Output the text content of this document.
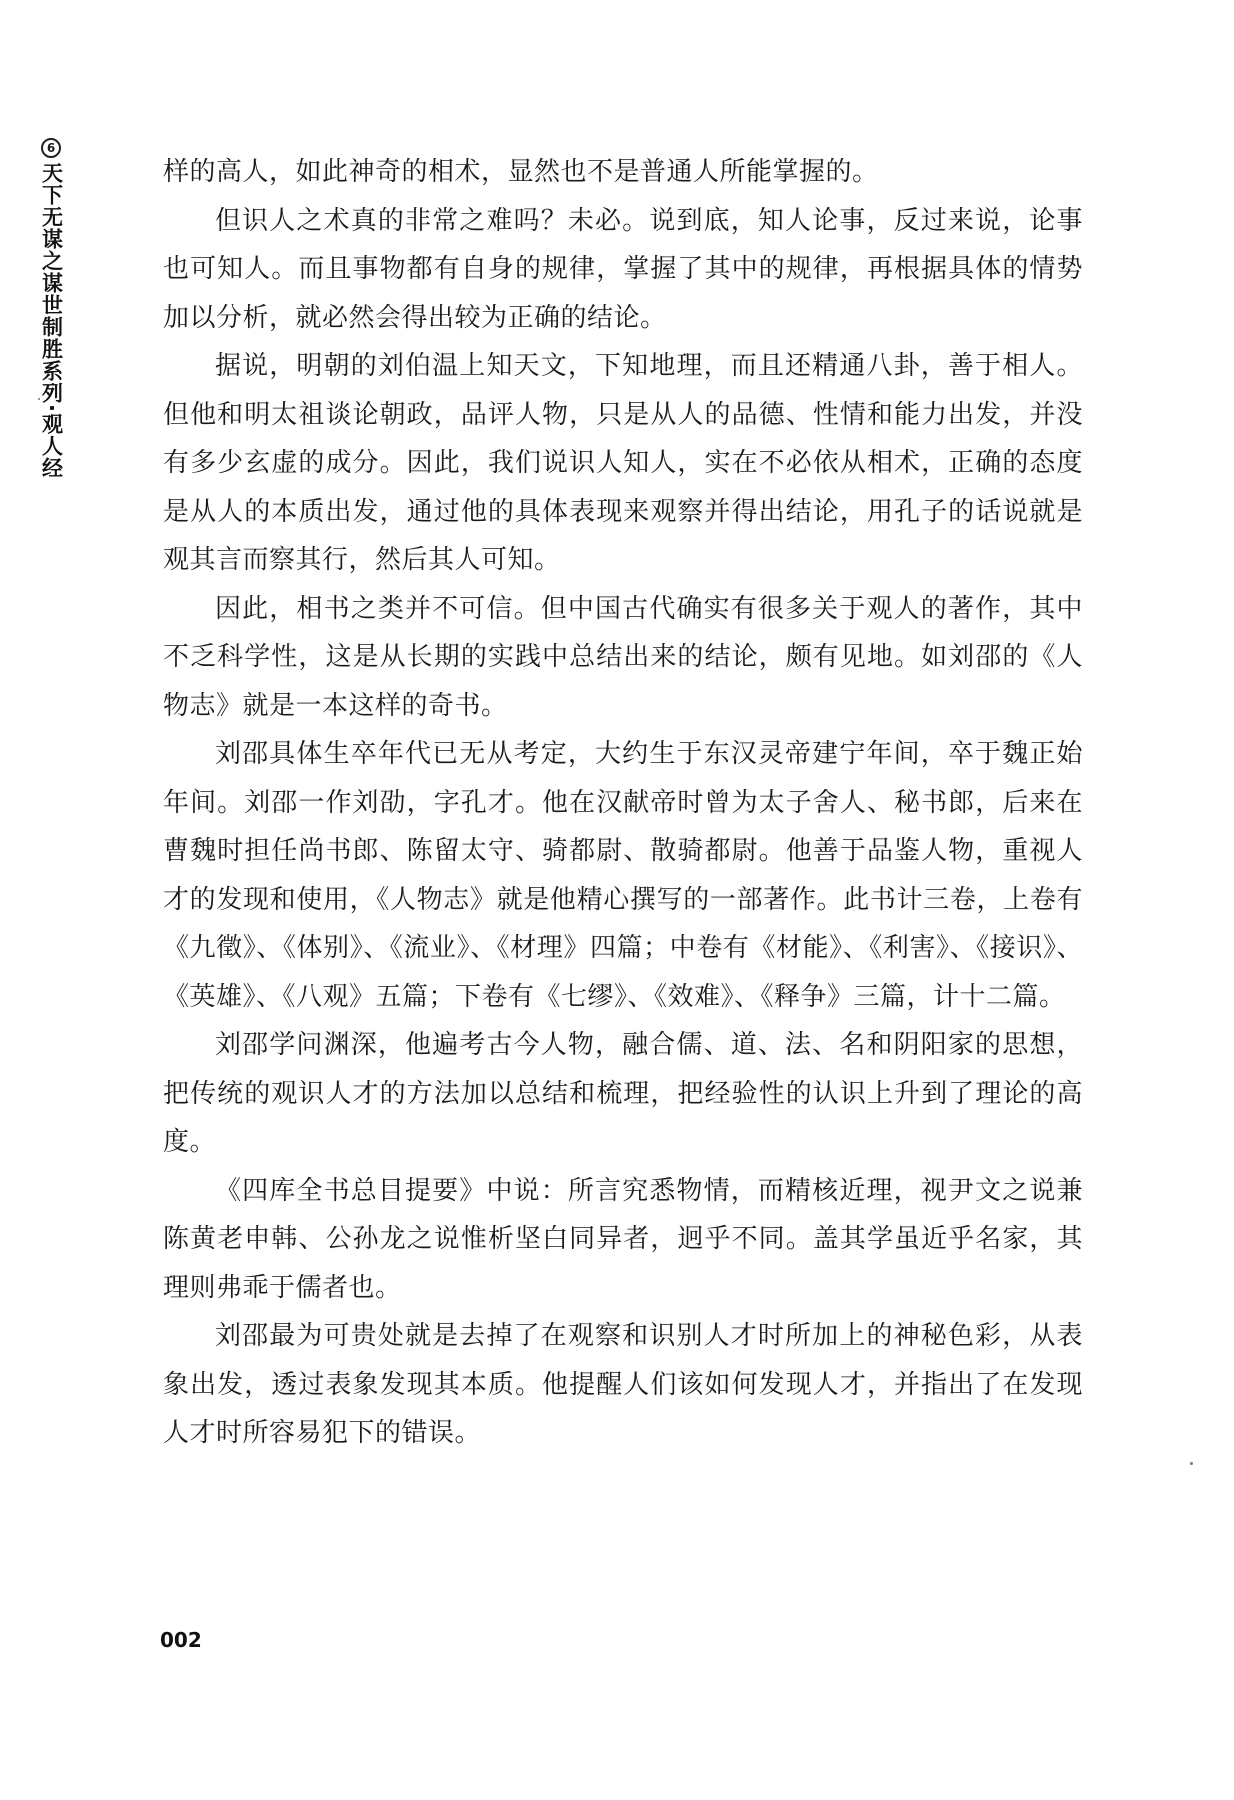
6
天下无谋之谋世制胜系列·观人经	样的高人，如此神奇的相术，显然也不是普通人所能掌握的。

但识人之术真的非常之难吗？未必。说到底，知人论事，反过来说，论事也可知人。而且事物都有自身的规律，掌握了其中的规律，再根据具体的情势加以分析，就必然会得出较为正确的结论。

据说，明朝的刘伯温上知天文，下知地理，而且还精通八卦，善于相人。但他和明太祖谈论朝政，品评人物，只是从人的品德、性情和能力出发，并没有多少玄虚的成分。因此，我们说识人知人，实在不必依从相术，正确的态度是从人的本质出发，通过他的具体表现来观察并得出结论，用孔子的话说就是观其言而察其行，然后其人可知。

因此，相书之类并不可信。但中国古代确实有很多关于观人的著作，其中不乏科学性，这是从长期的实践中总结出来的结论，颇有见地。如刘邵的《人物志》就是一本这样的奇书。

刘邵具体生卒年代已无从考定，大约生于东汉灵帝建宁年间，卒于魏正始年间。刘邵一作刘劭，字孔才。他在汉献帝时曾为太子舍人、秘书郎，后来在曹魏时担任尚书郎、陈留太守、骑都尉、散骑都尉。他善于品鉴人物，重视人才的发现和使用，《人物志》就是他精心撰写的一部著作。此书计三卷，上卷有《九徵》、《体别》、《流业》、《材理》四篇；中卷有《材能》、《利害》、《接识》、《英雄》、《八观》五篇；下卷有《七缪》、《效难》、《释争》三篇，计十二篇。

刘邵学问渊深，他遍考古今人物，融合儒、道、法、名和阴阳家的思想，把传统的观识人才的方法加以总结和梳理，把经验性的认识上升到了理论的高度。

《四库全书总目提要》中说：所言究悉物情，而精核近理，视尹文之说兼陈黄老申韩、公孙龙之说惟析坚白同异者，迥乎不同。盖其学虽近乎名家，其理则弗乖于儒者也。

刘邵最为可贵处就是去掉了在观察和识别人才时所加上的神秘色彩，从表象出发，透过表象发现其本质。他提醒人们该如何发现人才，并指出了在发现人才时所容易犯下的错误。

002
